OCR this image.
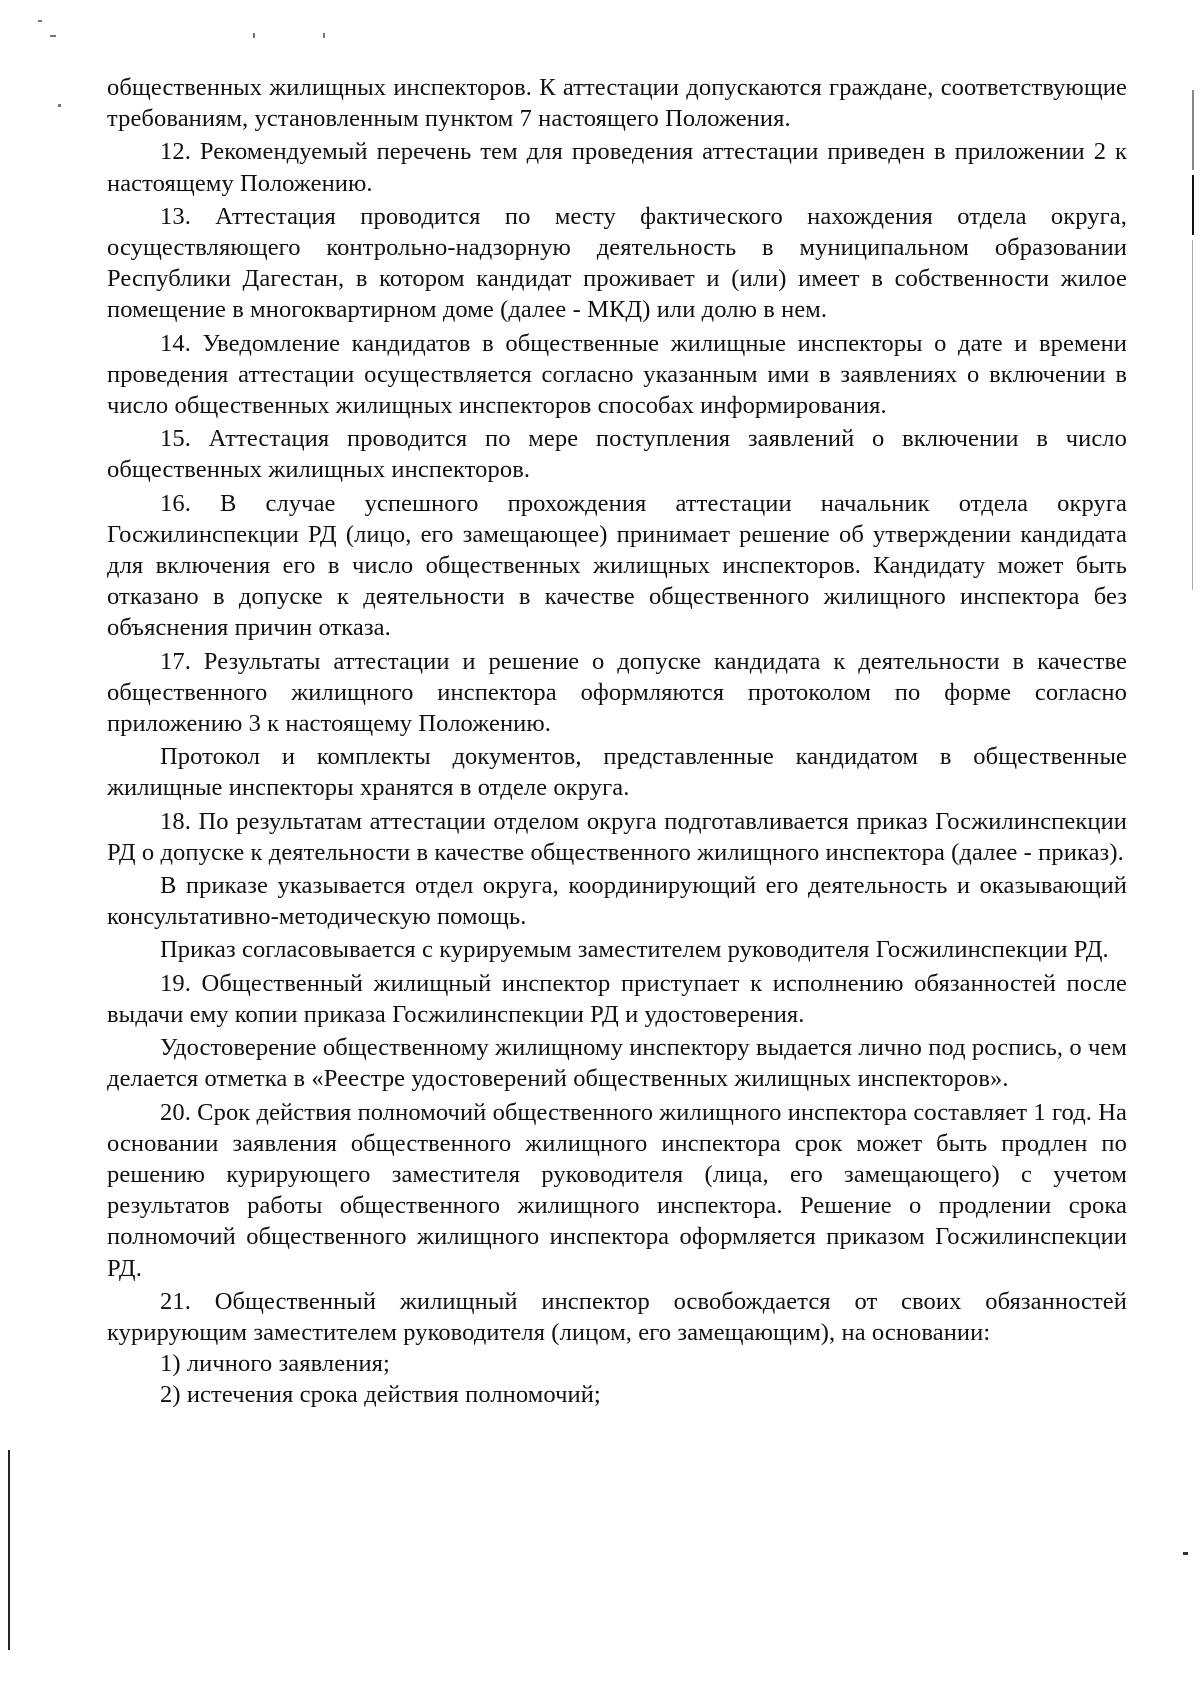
общественных жилищных инспекторов. К аттестации допускаются граждане, соответствующие требованиям, установленным пунктом 7 настоящего Положения.

12. Рекомендуемый перечень тем для проведения аттестации приведен в приложении 2 к настоящему Положению.

13. Аттестация проводится по месту фактического нахождения отдела округа, осуществляющего контрольно-надзорную деятельность в муниципальном образовании Республики Дагестан, в котором кандидат проживает и (или) имеет в собственности жилое помещение в многоквартирном доме (далее - МКД) или долю в нем.

14. Уведомление кандидатов в общественные жилищные инспекторы о дате и времени проведения аттестации осуществляется согласно указанным ими в заявлениях о включении в число общественных жилищных инспекторов способах информирования.

15. Аттестация проводится по мере поступления заявлений о включении в число общественных жилищных инспекторов.

16. В случае успешного прохождения аттестации начальник отдела округа Госжилинспекции РД (лицо, его замещающее) принимает решение об утверждении кандидата для включения его в число общественных жилищных инспекторов. Кандидату может быть отказано в допуске к деятельности в качестве общественного жилищного инспектора без объяснения причин отказа.

17. Результаты аттестации и решение о допуске кандидата к деятельности в качестве общественного жилищного инспектора оформляются протоколом по форме согласно приложению 3 к настоящему Положению.

Протокол и комплекты документов, представленные кандидатом в общественные жилищные инспекторы хранятся в отделе округа.

18. По результатам аттестации отделом округа подготавливается приказ Госжилинспекции РД о допуске к деятельности в качестве общественного жилищного инспектора (далее - приказ).

В приказе указывается отдел округа, координирующий его деятельность и оказывающий консультативно-методическую помощь.

Приказ согласовывается с курируемым заместителем руководителя Госжилинспекции РД.

19. Общественный жилищный инспектор приступает к исполнению обязанностей после выдачи ему копии приказа Госжилинспекции РД и удостоверения.

Удостоверение общественному жилищному инспектору выдается лично под роспись, о чем делается отметка в «Реестре удостоверений общественных жилищных инспекторов».

20. Срок действия полномочий общественного жилищного инспектора составляет 1 год. На основании заявления общественного жилищного инспектора срок может быть продлен по решению курирующего заместителя руководителя (лица, его замещающего) с учетом результатов работы общественного жилищного инспектора. Решение о продлении срока полномочий общественного жилищного инспектора оформляется приказом Госжилинспекции РД.

21. Общественный жилищный инспектор освобождается от своих обязанностей курирующим заместителем руководителя (лицом, его замещающим), на основании:

1) личного заявления;

2) истечения срока действия полномочий;
